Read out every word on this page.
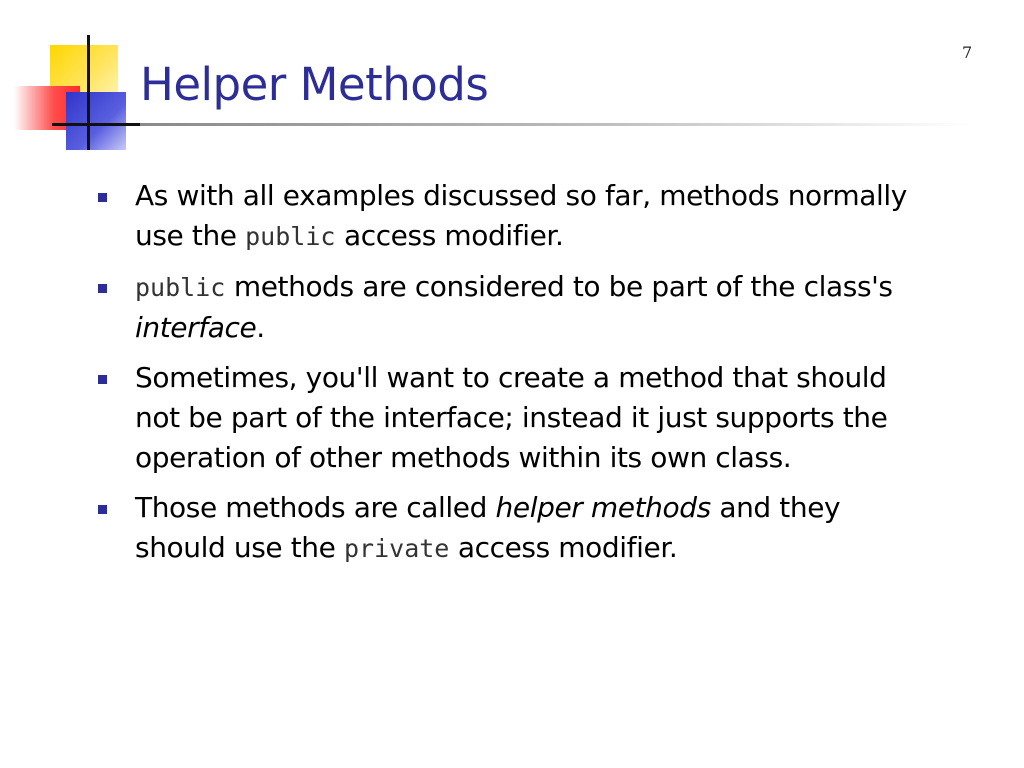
Helper Methods
7
As with all examples discussed so far, methods normally use the public access modifier.
public methods are considered to be part of the class's interface.
Sometimes, you'll want to create a method that should not be part of the interface; instead it just supports the operation of other methods within its own class.
Those methods are called helper methods and they should use the private access modifier.
